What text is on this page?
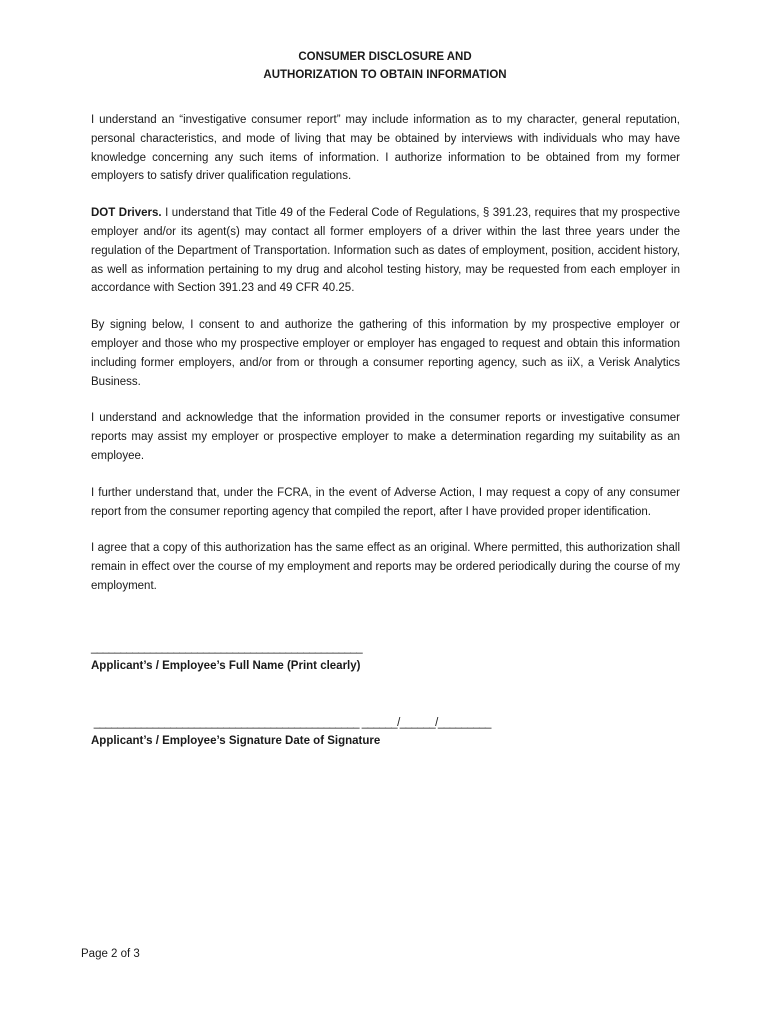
CONSUMER DISCLOSURE AND
AUTHORIZATION TO OBTAIN INFORMATION

I understand an “investigative consumer report” may include information as to my character, general reputation, personal characteristics, and mode of living that may be obtained by interviews with individuals who may have knowledge concerning any such items of information. I authorize information to be obtained from my former employers to satisfy driver qualification regulations.

DOT Drivers. I understand that Title 49 of the Federal Code of Regulations, § 391.23, requires that my prospective employer and/or its agent(s) may contact all former employers of a driver within the last three years under the regulation of the Department of Transportation. Information such as dates of employment, position, accident history, as well as information pertaining to my drug and alcohol testing history, may be requested from each employer in accordance with Section 391.23 and 49 CFR 40.25.

By signing below, I consent to and authorize the gathering of this information by my prospective employer or employer and those who my prospective employer or employer has engaged to request and obtain this information including former employers, and/or from or through a consumer reporting agency, such as iiX, a Verisk Analytics Business.

I understand and acknowledge that the information provided in the consumer reports or investigative consumer reports may assist my employer or prospective employer to make a determination regarding my suitability as an employee.

I further understand that, under the FCRA, in the event of Adverse Action, I may request a copy of any consumer report from the consumer reporting agency that compiled the report, after I have provided proper identification.

I agree that a copy of this authorization has the same effect as an original. Where permitted, this authorization shall remain in effect over the course of my employment and reports may be ordered periodically during the course of my employment.

______________________________________________
Applicant’s / Employee’s Full Name (Print clearly)
_____________________________________________ ______/______/_________
Applicant’s / Employee’s Signature Date of Signature
Page 2 of 3
